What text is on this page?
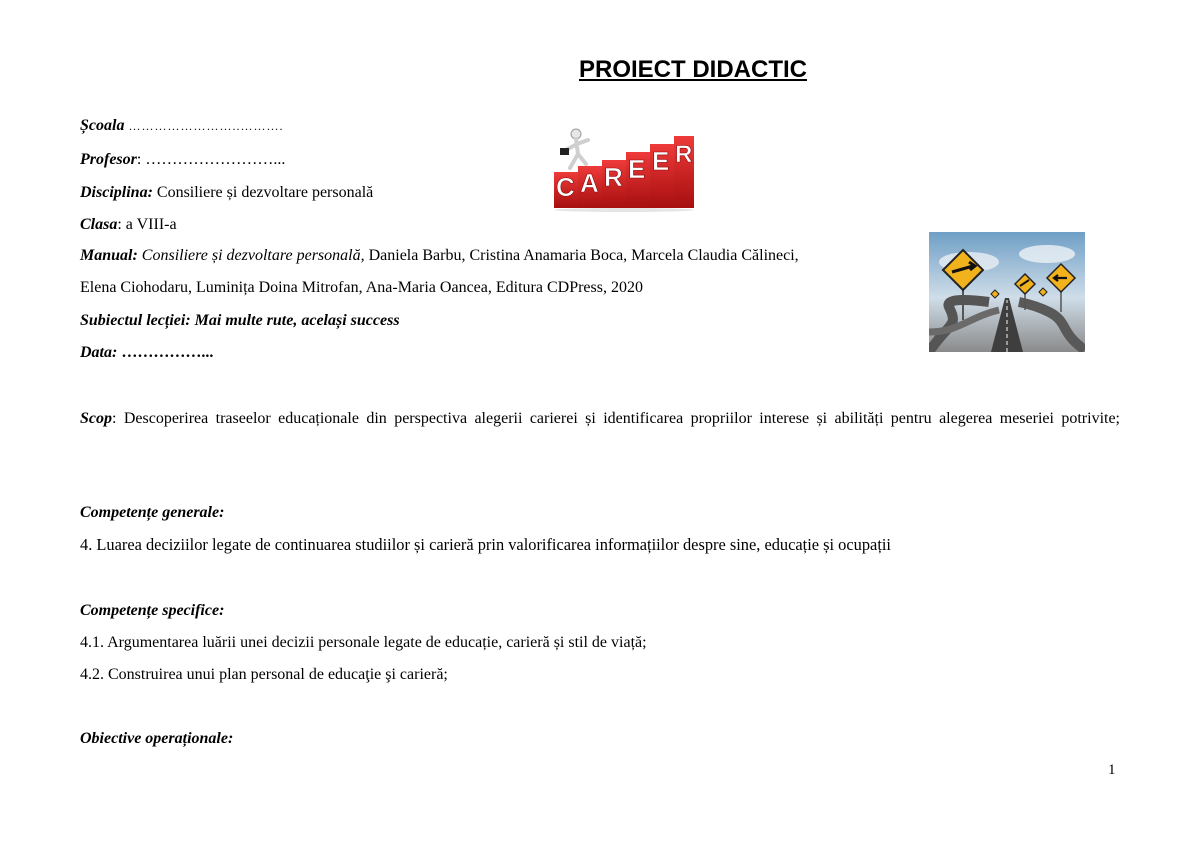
PROIECT DIDACTIC
Școala ……………………..……….
Profesor: ……………………...
Disciplina: Consiliere și dezvoltare personală
Clasa: a VIII-a
Manual: Consiliere și dezvoltare personală, Daniela Barbu, Cristina Anamaria Boca, Marcela Claudia Călineci,
Elena Ciohodaru, Luminița Doina Mitrofan, Ana-Maria Oancea, Editura CDPress, 2020
Subiectul lecției: Mai multe rute, același success
Data: ……………...
C A R E E R
Scop: Descoperirea traseelor educaționale din perspectiva alegerii carierei și identificarea propriilor interese și abilități pentru alegerea meseriei potrivite;
Competențe generale:
4. Luarea deciziilor legate de continuarea studiilor și carieră prin valorificarea informațiilor despre sine, educație și ocupații
Competențe specifice:
4.1. Argumentarea luării unei decizii personale legate de educație, carieră și stil de viață;
4.2. Construirea unui plan personal de educaţie şi carieră;
Obiective operaționale:
1
